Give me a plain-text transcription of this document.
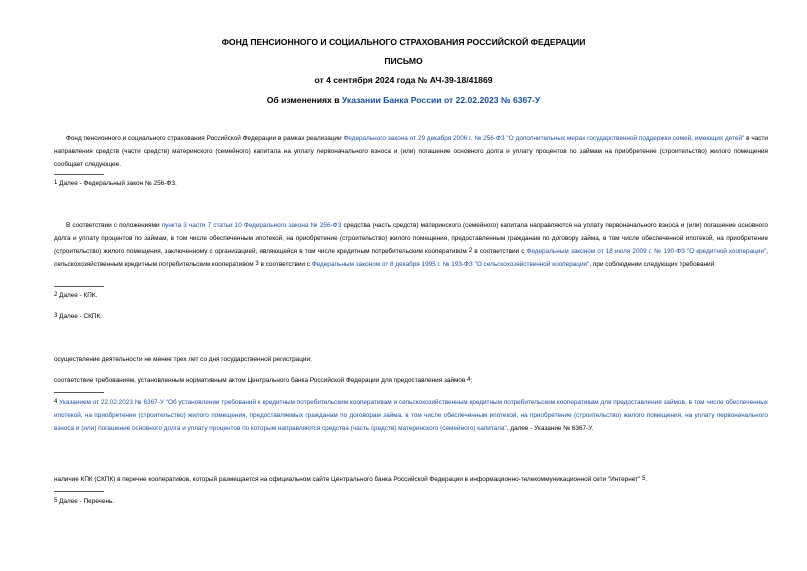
ФОНД ПЕНСИОННОГО И СОЦИАЛЬНОГО СТРАХОВАНИЯ РОССИЙСКОЙ ФЕДЕРАЦИИ
ПИСЬМО
от 4 сентября 2024 года № АЧ-39-18/41869
Об изменениях в Указании Банка России от 22.02.2023 № 6367-У
Фонд пенсионного и социального страхования Российской Федерации в рамках реализации Федерального закона от 29 декабря 2006 г. № 256-ФЗ "О дополнительных мерах государственной поддержки семей, имеющих детей" в части направления средств (части средств) материнского (семейного) капитала на уплату первоначального взноса и (или) погашение основного долга и уплату процентов по займам на приобретение (строительство) жилого помещения сообщает следующее.
$^1$ Далее - Федеральный закон № 256-ФЗ.
В соответствии с положениями пункта 3 части 7 статьи 10 Федерального закона № 256-ФЗ средства (часть средств) материнского (семейного) капитала направляются на уплату первоначального взноса и (или) погашение основного долга и уплату процентов по займам, в том числе обеспеченным ипотекой, на приобретение (строительство) жилого помещения, предоставленным гражданам по договору займа, в том числе обеспеченной ипотекой, на приобретение (строительство) жилого помещения, заключенному с организацией, являющейся в том числе кредитным потребительским кооперативом $^2$ в соответствии с Федеральным законом от 18 июля 2009 г. № 190-ФЗ "О кредитной кооперации", сельскохозяйственным кредитным потребительским кооперативом $^3$ в соответствии с Федеральным законом от 8 декабря 1995 г. № 193-ФЗ "О сельскохозяйственной кооперации", при соблюдении следующих требований:
$^2$ Далее - КПК.
$^3$ Далее - СКПК.
осуществление деятельности не менее трех лет со дня государственной регистрации;
соответствие требованиям, установленным нормативным актом Центрального банка Российской Федерации для предоставления займов $^4$;
$^4$ Указанием от 22.02.2023 № 6367-У "Об установлении требований к кредитным потребительским кооперативам и сельскохозяйственным кредитным потребительским кооперативам для предоставления займов, в том числе обеспеченных ипотекой, на приобретение (строительство) жилого помещения, предоставляемых гражданам по договорам займа, в том числе обеспеченным ипотекой, на приобретение (строительство) жилого помещения, на уплату первоначального взноса и (или) погашение основного долга и уплату процентов по которым направляются средства (часть средств) материнского (семейного) капитала", далее - Указание № 6367-У.
наличие КПК (СКПК) в перечне кооперативов, который размещается на официальном сайте Центрального банка Российской Федерации в информационно-телекоммуникационной сети "Интернет" $^5$.
$^5$ Далее - Перечень.
